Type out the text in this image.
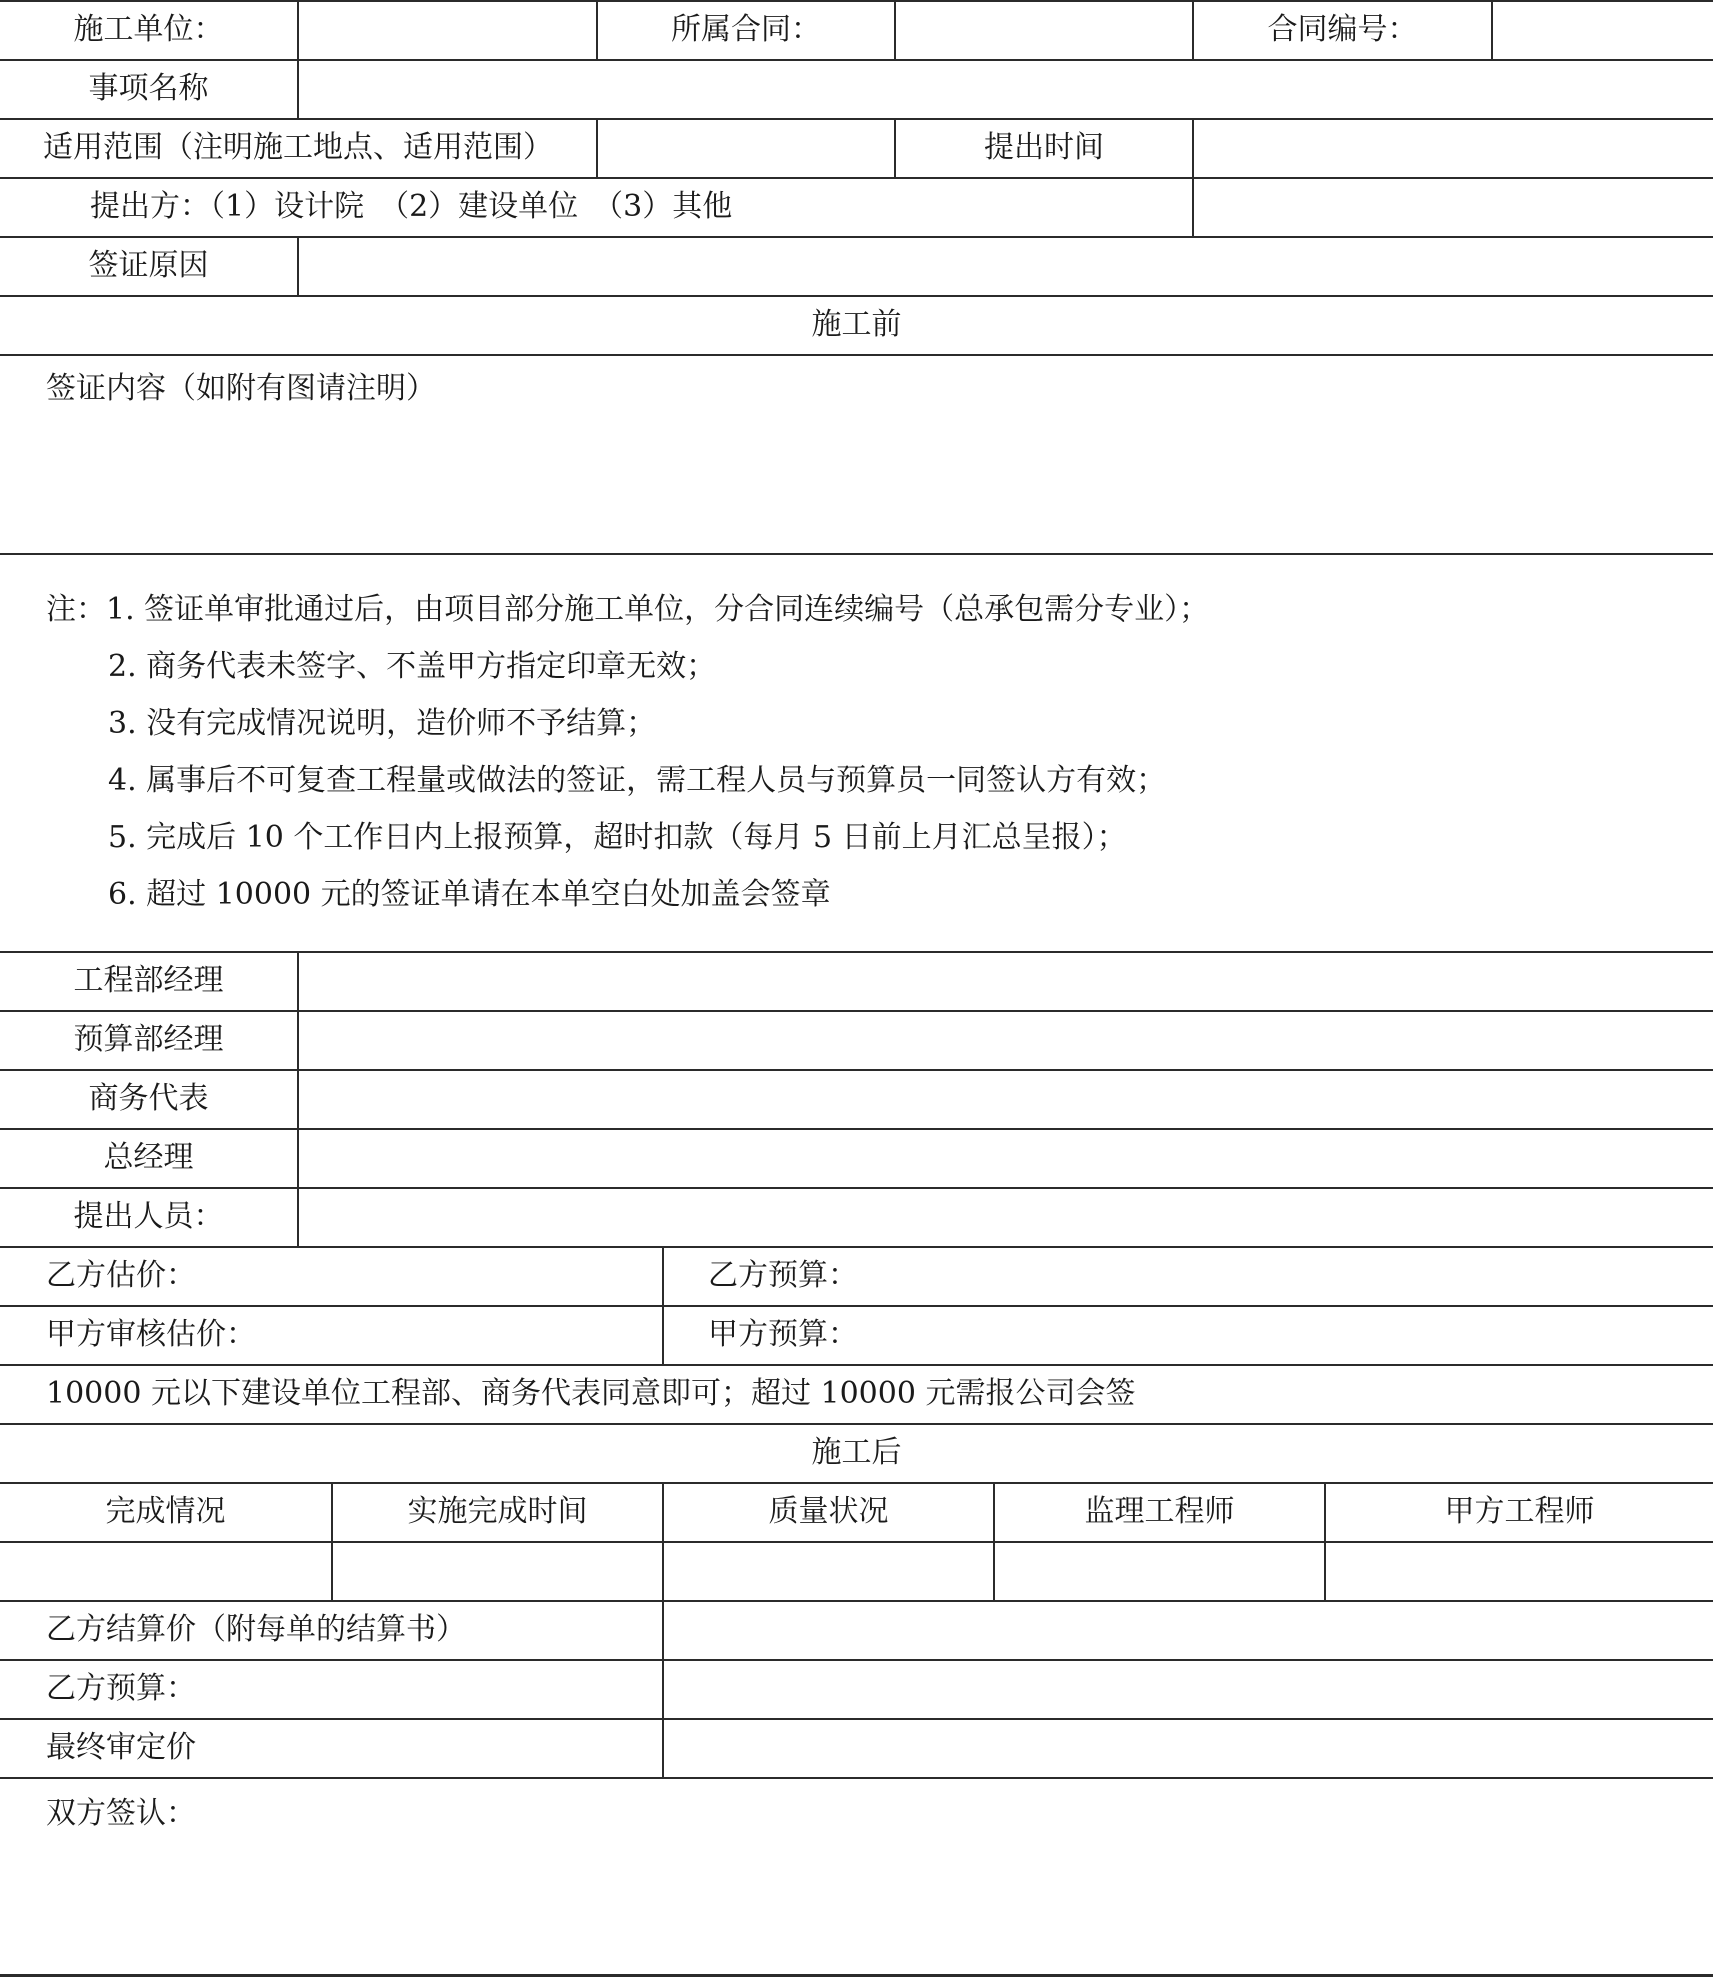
施工单位：	所属合同：	合同编号：
事项名称
适用范围（注明施工地点、适用范围）	提出时间
提出方：（1）设计院　（2）建设单位　（3）其他
签证原因
施工前
签证内容（如附有图请注明）
注：1. 签证单审批通过后，由项目部分施工单位，分合同连续编号（总承包需分专业）；
2. 商务代表未签字、不盖甲方指定印章无效；
3. 没有完成情况说明，造价师不予结算；
4. 属事后不可复查工程量或做法的签证，需工程人员与预算员一同签认方有效；
5. 完成后 10 个工作日内上报预算，超时扣款（每月 5 日前上月汇总呈报）；
6. 超过 10000 元的签证单请在本单空白处加盖会签章
工程部经理
预算部经理
商务代表
总经理
提出人员：
乙方估价：	乙方预算：
甲方审核估价：	甲方预算：
10000 元以下建设单位工程部、商务代表同意即可；超过 10000 元需报公司会签
施工后
完成情况	实施完成时间	质量状况	监理工程师	甲方工程师
乙方结算价（附每单的结算书）
乙方预算：
最终审定价
双方签认：
